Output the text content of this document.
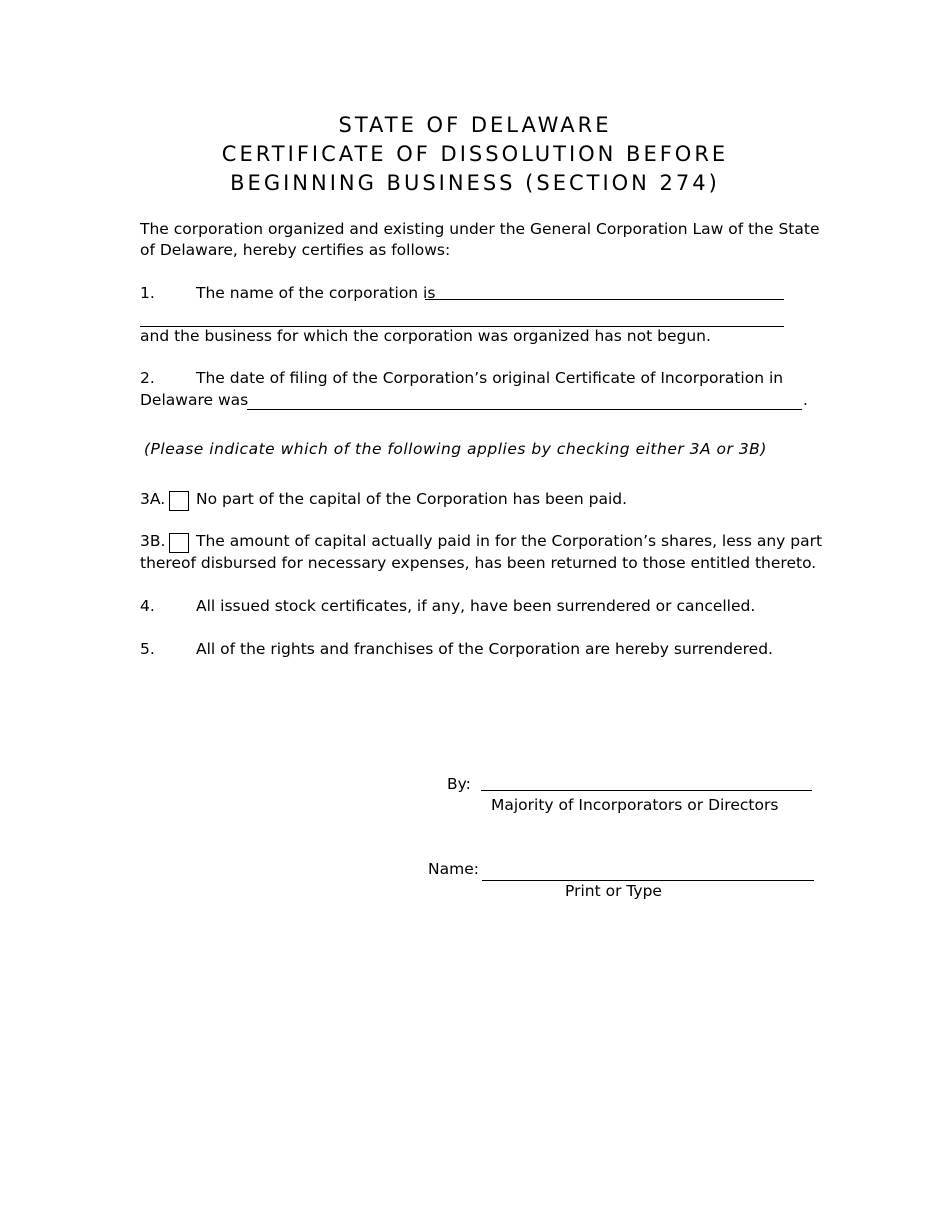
STATE OF DELAWARE
CERTIFICATE OF DISSOLUTION BEFORE
BEGINNING BUSINESS (SECTION 274)
The corporation organized and existing under the General Corporation Law of the State
of Delaware, hereby certifies as follows:
1.	The name of the corporation is
and the business for which the corporation was organized has not begun.
2.	The date of filing of the Corporation’s original Certificate of Incorporation in
Delaware was	.
(Please indicate which of the following applies by checking either 3A or 3B)
3A. No part of the capital of the Corporation has been paid.
3B. The amount of capital actually paid in for the Corporation’s shares, less any part
thereof disbursed for necessary expenses, has been returned to those entitled thereto.
4.	All issued stock certificates, if any, have been surrendered or cancelled.
5.	All of the rights and franchises of the Corporation are hereby surrendered.
By:
Majority of Incorporators or Directors
Name:
Print or Type
